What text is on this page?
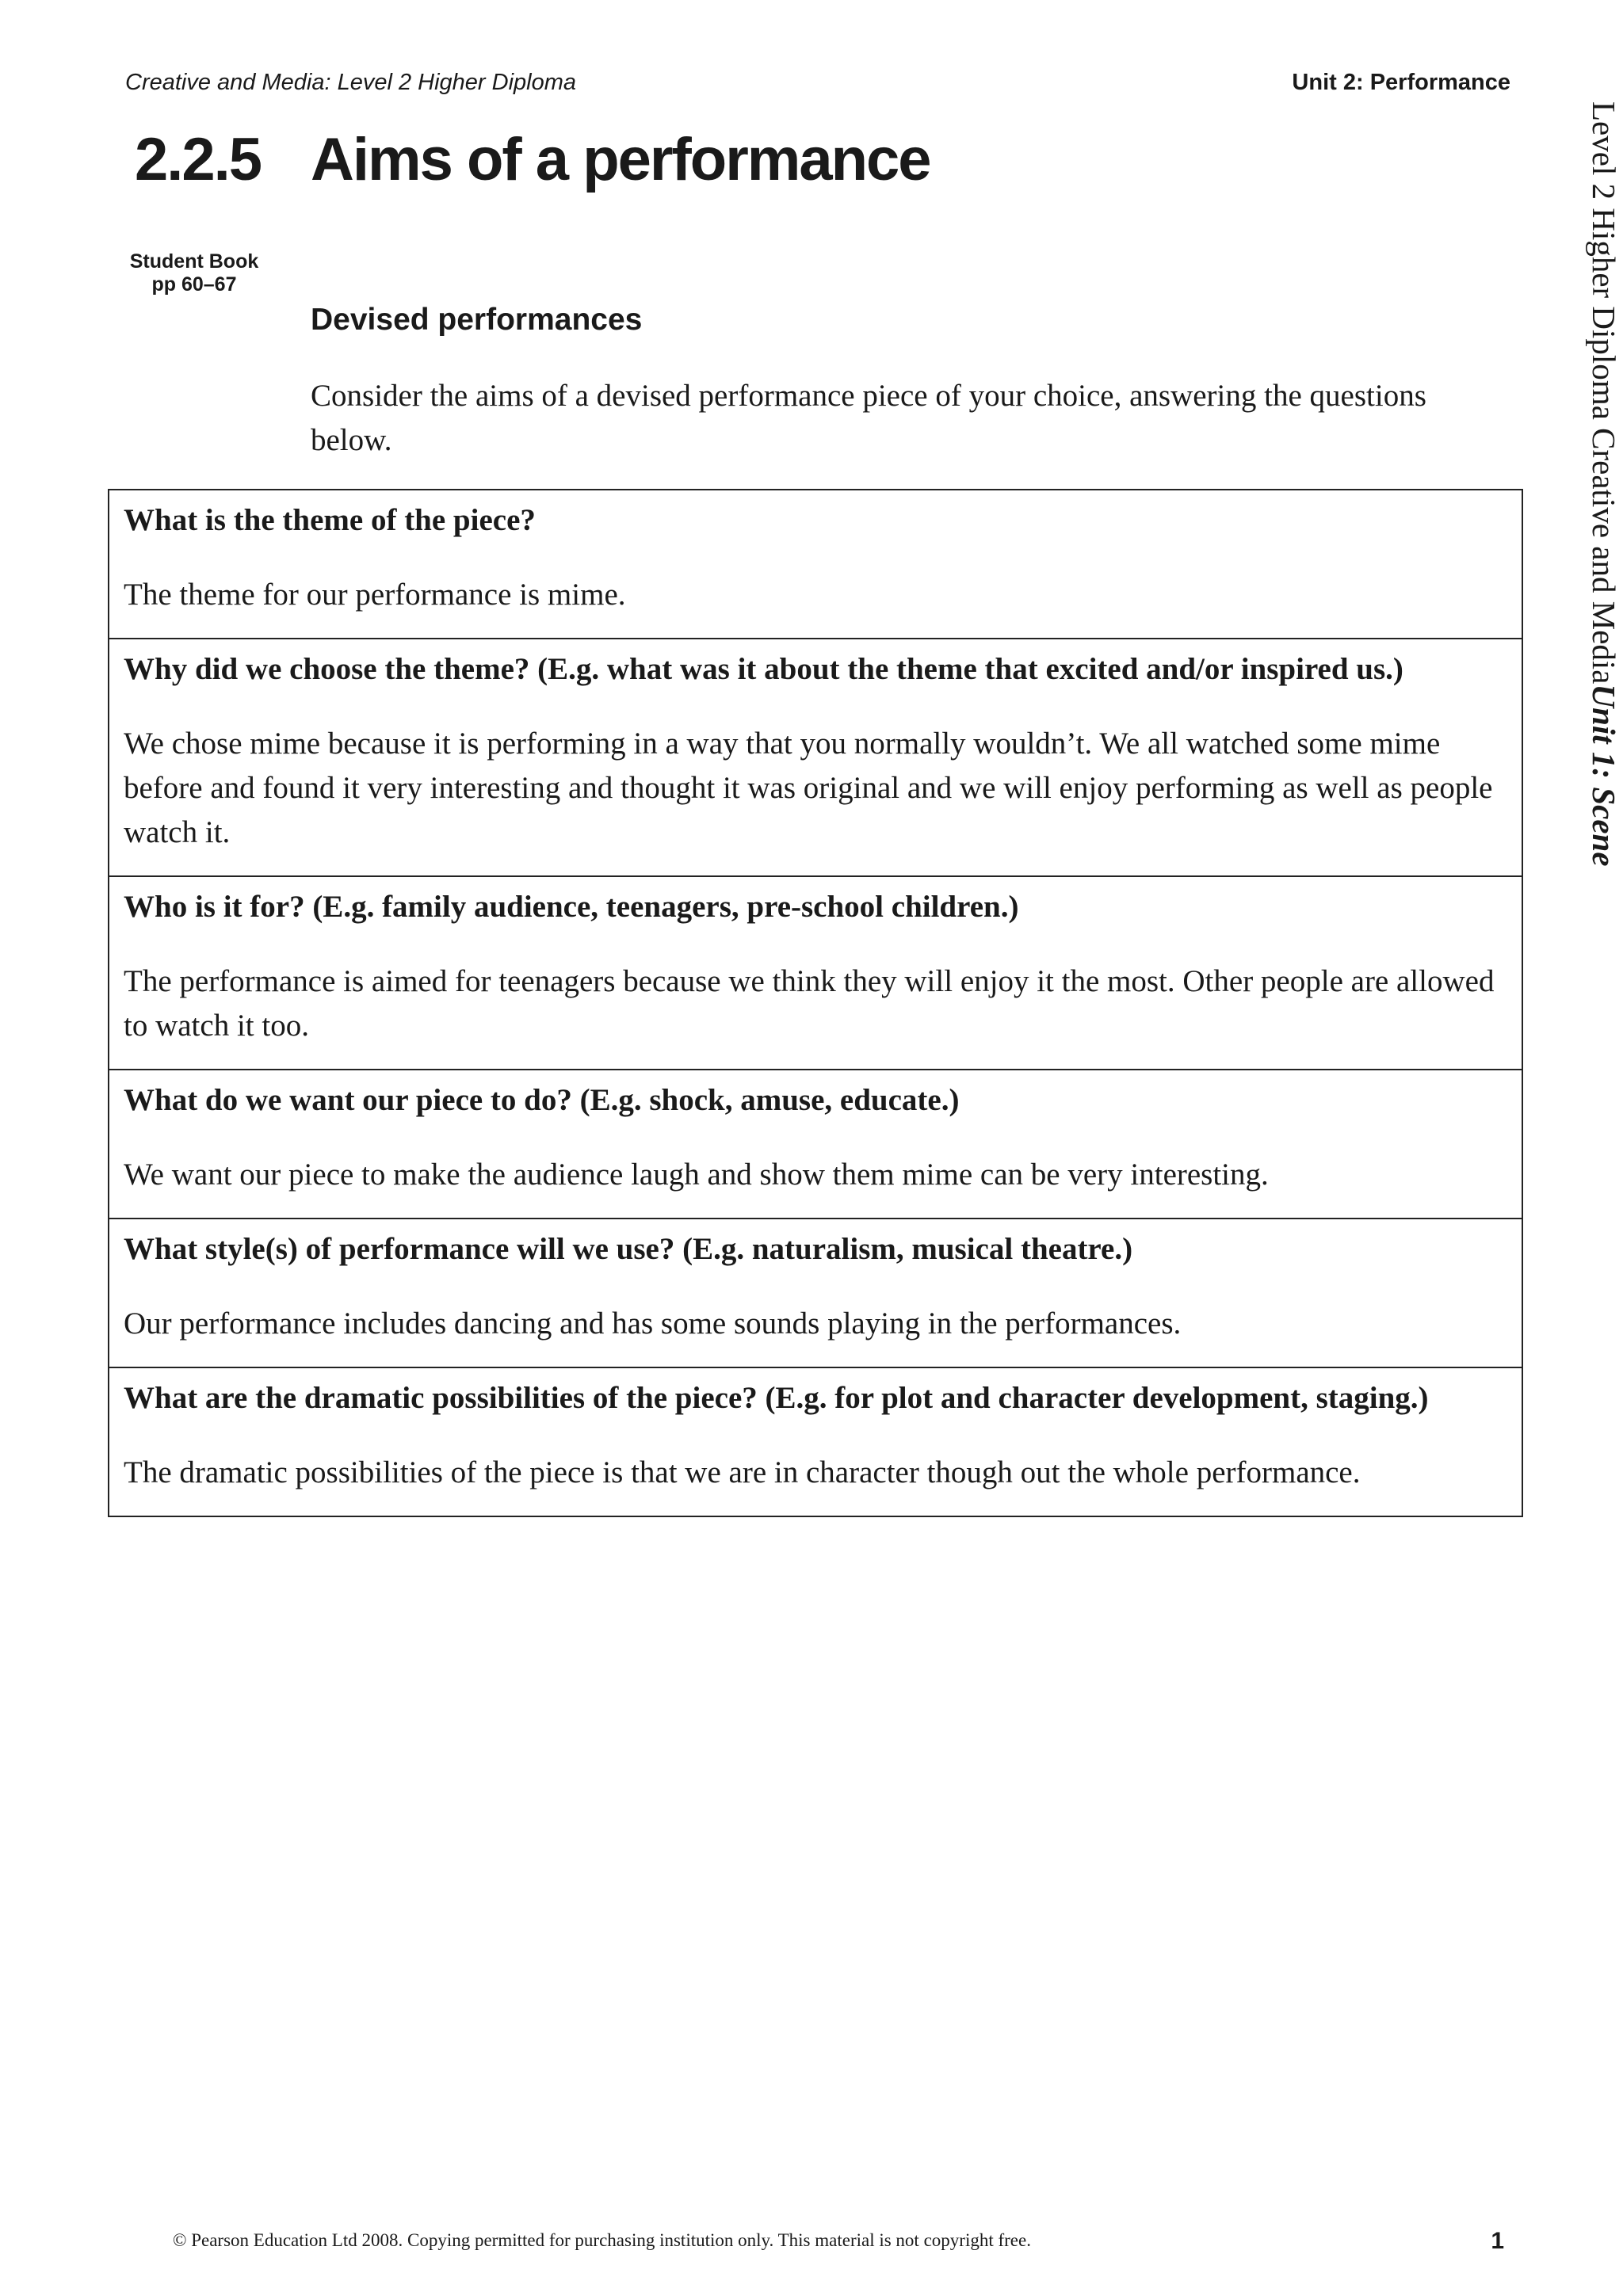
Creative and Media: Level 2 Higher Diploma	Unit 2: Performance
2.2.5 Aims of a performance
Student Book
pp 60–67
Devised performances
Consider the aims of a devised performance piece of your choice, answering the questions below.

What is the theme of the piece?

The theme for our performance is mime.

Why did we choose the theme? (E.g. what was it about the theme that excited and/or inspired us.)

We chose mime because it is performing in a way that you normally wouldn’t. We all watched some mime before and found it very interesting and thought it was original and we will enjoy performing as well as people watch it.

Who is it for? (E.g. family audience, teenagers, pre-school children.)

The performance is aimed for teenagers because we think they will enjoy it the most. Other people are allowed to watch it too.

What do we want our piece to do? (E.g. shock, amuse, educate.)

We want our piece to make the audience laugh and show them mime can be very interesting.

What style(s) of performance will we use? (E.g. naturalism, musical theatre.)

Our performance includes dancing and has some sounds playing in the performances.

What are the dramatic possibilities of the piece? (E.g. for plot and character development, staging.)

The dramatic possibilities of the piece is that we are in character though out the whole performance.

Level 2 Higher Diploma Creative and MediaUnit 1: Scene
© Pearson Education Ltd 2008. Copying permitted for purchasing institution only. This material is not copyright free.	1
